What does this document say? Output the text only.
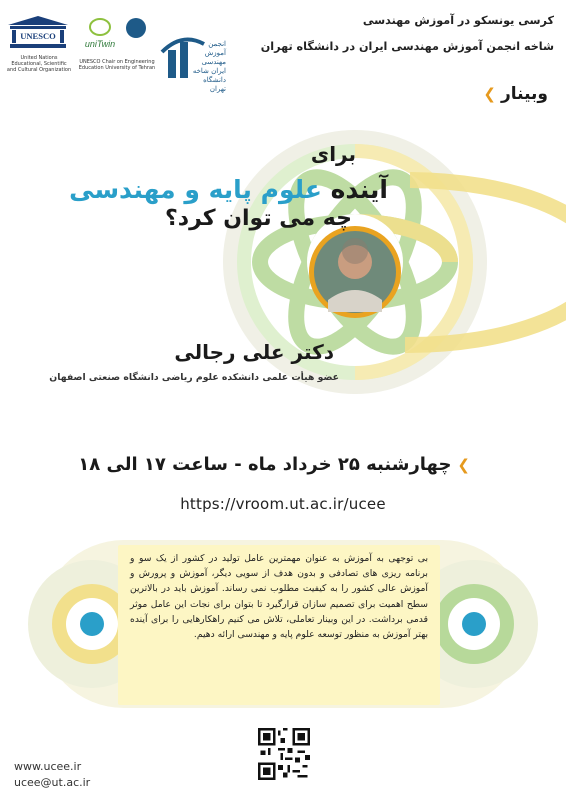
UNESCO
United Nations Educational, Scientific and Cultural Organization
uniTwin
UNESCO Chair on Engineering Education University of Tehran
انجمن آموزش مهندسی ایران شاخه دانشگاه تهران
کرسی یونسکو در آموزش مهندسی
شاخه انجمن آموزش مهندسی ایران در دانشگاه تهران
وبینار
❯
برای
آینده علوم پایه و مهندسی
چه می توان کرد؟
دکتر علی رجالی
عضو هیأت علمی دانشکده علوم ریاضی دانشگاه صنعتی اصفهان
❯
چهارشنبه ۲۵ خرداد ماه - ساعت ۱۷ الی ۱۸
https://vroom.ut.ac.ir/ucee
بی توجهی به آموزش به عنوان مهمترین عامل تولید در کشور از یک سو و برنامه ریزی های تصادفی و بدون هدف از سویی دیگر، آموزش و پرورش و آموزش عالی کشور را به کیفیت مطلوب نمی رساند. آموزش باید در بالاترین سطح اهمیت برای تصمیم سازان قرارگیرد تا بتوان برای نجات این عامل موثر قدمی برداشت. در این وبینار تعاملی، تلاش می کنیم راهکارهایی را برای آینده بهتر آموزش به منظور توسعه علوم پایه و مهندسی ارائه دهیم.
www.ucee.ir
ucee@ut.ac.ir
